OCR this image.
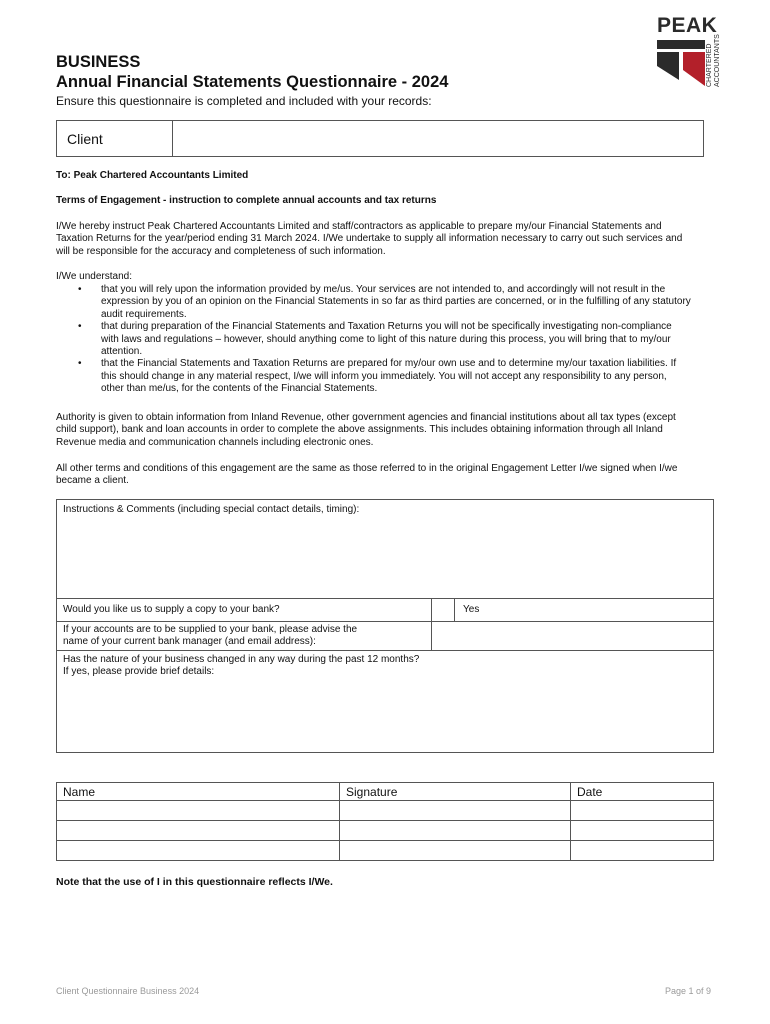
PEAK
CHARTERED ACCOUNTANTS
BUSINESS
Annual Financial Statements Questionnaire - 2024
Ensure this questionnaire is completed and included with your records:
Client	
To: Peak Chartered Accountants Limited
Terms of Engagement - instruction to complete annual accounts and tax returns
I/We hereby instruct Peak Chartered Accountants Limited and staff/contractors as applicable to prepare my/our Financial Statements and Taxation Returns for the year/period ending 31 March 2024. I/We undertake to supply all information necessary to carry out such services and will be responsible for the accuracy and completeness of such information.
I/We understand:
• that you will rely upon the information provided by me/us. Your services are not intended to, and accordingly will not result in the expression by you of an opinion on the Financial Statements in so far as third parties are concerned, or in the fulfilling of any statutory audit requirements.
• that during preparation of the Financial Statements and Taxation Returns you will not be specifically investigating non-compliance with laws and regulations – however, should anything come to light of this nature during this process, you will bring that to my/our attention.
• that the Financial Statements and Taxation Returns are prepared for my/our own use and to determine my/our taxation liabilities. If this should change in any material respect, I/we will inform you immediately. You will not accept any responsibility to any person, other than me/us, for the contents of the Financial Statements.
Authority is given to obtain information from Inland Revenue, other government agencies and financial institutions about all tax types (except child support), bank and loan accounts in order to complete the above assignments. This includes obtaining information through all Inland Revenue media and communication channels including electronic ones.
All other terms and conditions of this engagement are the same as those referred to in the original Engagement Letter I/we signed when I/we became a client.
Instructions & Comments (including special contact details, timing):		

Would you like us to supply a copy to your bank?		Yes

If your accounts are to be supplied to your bank, please advise the
name of your current bank manager (and email address):		

Has the nature of your business changed in any way during the past 12 months?
If yes, please provide brief details:		
Name	Signature	Date

Note that the use of I in this questionnaire reflects I/We.
Client Questionnaire Business 2024	Page 1 of 9
